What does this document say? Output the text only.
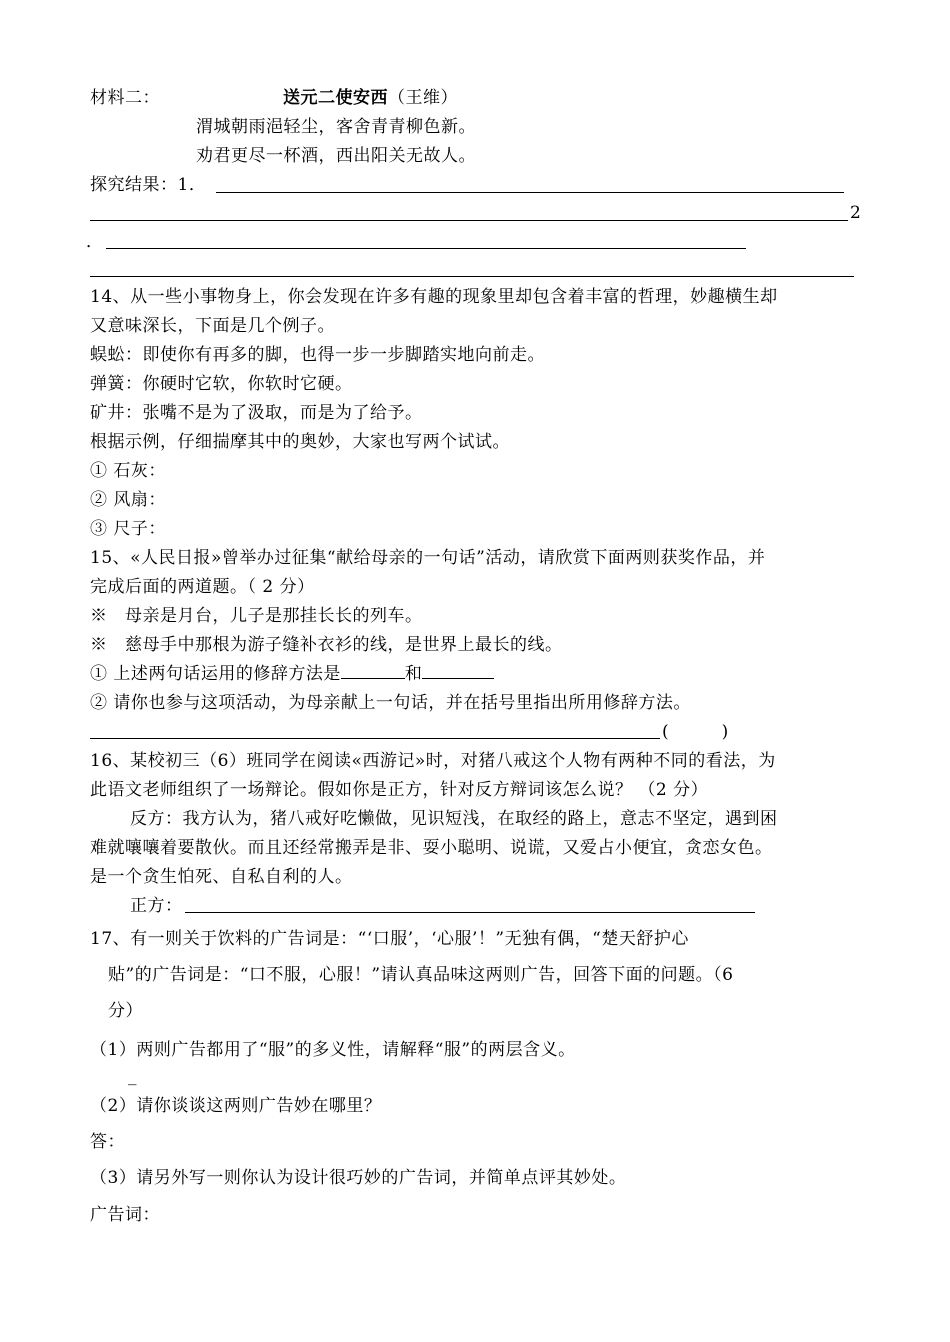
材料二：	送元二使安西（王维）
渭城朝雨浥轻尘，客舍青青柳色新。
劝君更尽一杯酒，西出阳关无故人。
探究结果：1．
2
．
14、从一些小事物身上，你会发现在许多有趣的现象里却包含着丰富的哲理，妙趣横生却
又意味深长，下面是几个例子。
蜈蚣：即使你有再多的脚，也得一步一步脚踏实地向前走。
弹簧：你硬时它软，你软时它硬。
矿井：张嘴不是为了汲取，而是为了给予。
根据示例，仔细揣摩其中的奥妙，大家也写两个试试。
① 石灰：
② 风扇：
③ 尺子：
15、«人民日报»曾举办过征集“献给母亲的一句话”活动，请欣赏下面两则获奖作品，并
完成后面的两道题。（ 2 分）
※　母亲是月台，儿子是那挂长长的列车。
※　慈母手中那根为游子缝补衣衫的线，是世界上最长的线。
① 上述两句话运用的修辞方法是	和
② 请你也参与这项活动，为母亲献上一句话，并在括号里指出所用修辞方法。
(　　　)
16、某校初三（6）班同学在阅读«西游记»时，对猪八戒这个人物有两种不同的看法，为
此语文老师组织了一场辩论。假如你是正方，针对反方辩词该怎么说？ （2 分）
反方：我方认为，猪八戒好吃懒做，见识短浅，在取经的路上，意志不坚定，遇到困
难就嚷嚷着要散伙。而且还经常搬弄是非、耍小聪明、说谎，又爱占小便宜，贪恋女色。
是一个贪生怕死、自私自利的人。
正方：
17、有一则关于饮料的广告词是：“‘口服’，‘心服’！”无独有偶，“楚天舒护心
贴”的广告词是：“口不服，心服！”请认真品味这两则广告，回答下面的问题。（6
分）
（1）两则广告都用了“服”的多义性，请解释“服”的两层含义。
_
（2）请你谈谈这两则广告妙在哪里？
答：
（3）请另外写一则你认为设计很巧妙的广告词，并简单点评其妙处。
广告词：
